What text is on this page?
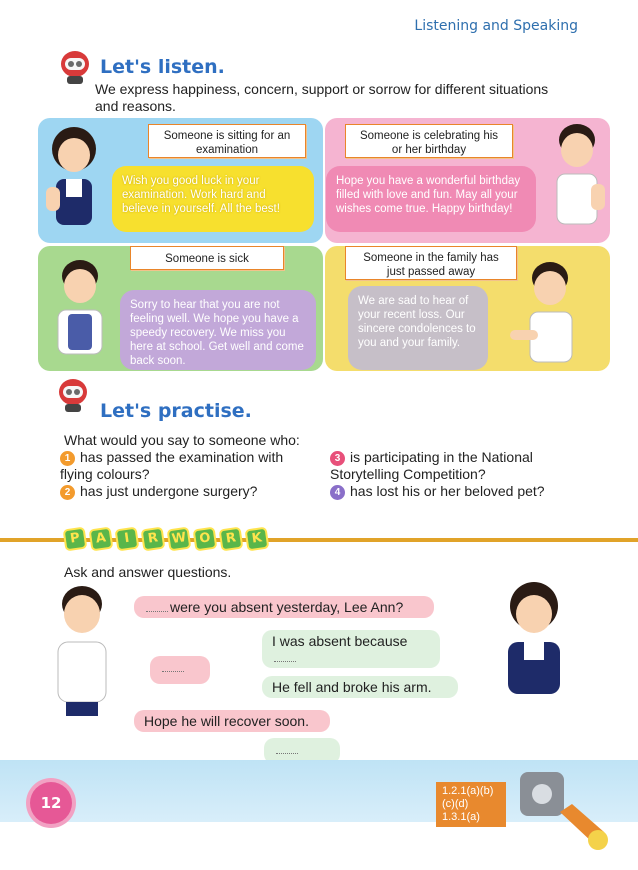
Listening and Speaking
Let's listen.
We express happiness, concern, support or sorrow for different situations
and reasons.
Someone is sitting for an examination
Wish you good luck in your examination. Work hard and believe in yourself. All the best!
Someone is celebrating his or her birthday
Hope you have a wonderful birthday filled with love and fun. May all your wishes come true. Happy birthday!
Someone is sick
Sorry to hear that you are not feeling well. We hope you have a speedy recovery. We miss you here at school. Get well and come back soon.
Someone in the family has just passed away
We are sad to hear of your recent loss. Our sincere condolences to you and your family.
Let's practise.
What would you say to someone who:
1 has passed the examination with flying colours?
2 has just undergone surgery?
3 is participating in the National Storytelling Competition?
4 has lost his or her beloved pet?
P	A	I	R W O	R	K
Ask and answer questions.
were you absent yesterday, Lee Ann?
I was absent because
He fell and broke his arm.
Hope he will recover soon.
12
1.2.1(a)(b)(c)(d)
1.3.1(a)
